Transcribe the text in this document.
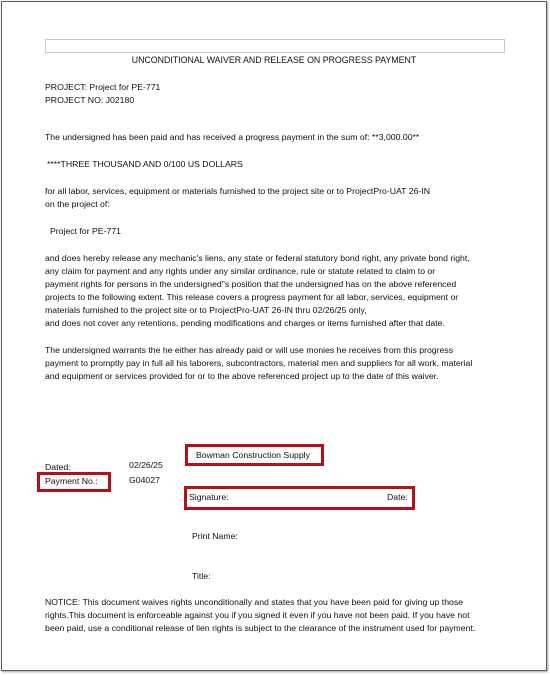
UNCONDITIONAL WAIVER AND RELEASE ON PROGRESS PAYMENT
PROJECT: Project for PE-771
PROJECT NO: J02180
The undersigned has been paid and has received a progress payment in the sum of: **3,000.00**
****THREE THOUSAND AND 0/100 US DOLLARS
for all labor, services, equipment or materials furnished to the project site or to ProjectPro-UAT 26-IN
on the project of:
Project for PE-771
and does hereby release any mechanic's liens, any state or federal statutory bond right, any private bond right,
any claim for payment and any rights under any similar ordinance, rule or statute related to claim to or
payment rights for persons in the undersigned"s position that the undersigned has on the above referenced
projects to the following extent. This release covers a progress payment for all labor, services, equipment or
materials furnished to the project site or to ProjectPro-UAT 26-IN thru 02/26/25 only,
and does not cover any retentions, pending modifications and charges or items furnished after that date.
The undersigned warrants the he either has already paid or will use monies he receives from this progress
payment to promptly pay in full all his laborers, subcontractors, material men and suppliers for all work, material
and equipment or services provided for or to the above referenced project up to the date of this waiver.
Bowman Construction Supply
Dated:	02/26/25
Payment No.:	G04027
Signature:	Date:
Print Name:
Title:
NOTICE: This document waives rights unconditionally and states that you have been paid for giving up those
rights.This document is enforceable against you if you signed it even if you have not been paid. If you have not
been paid, use a conditional release of lien rights is subject to the clearance of the instrument used for payment.
